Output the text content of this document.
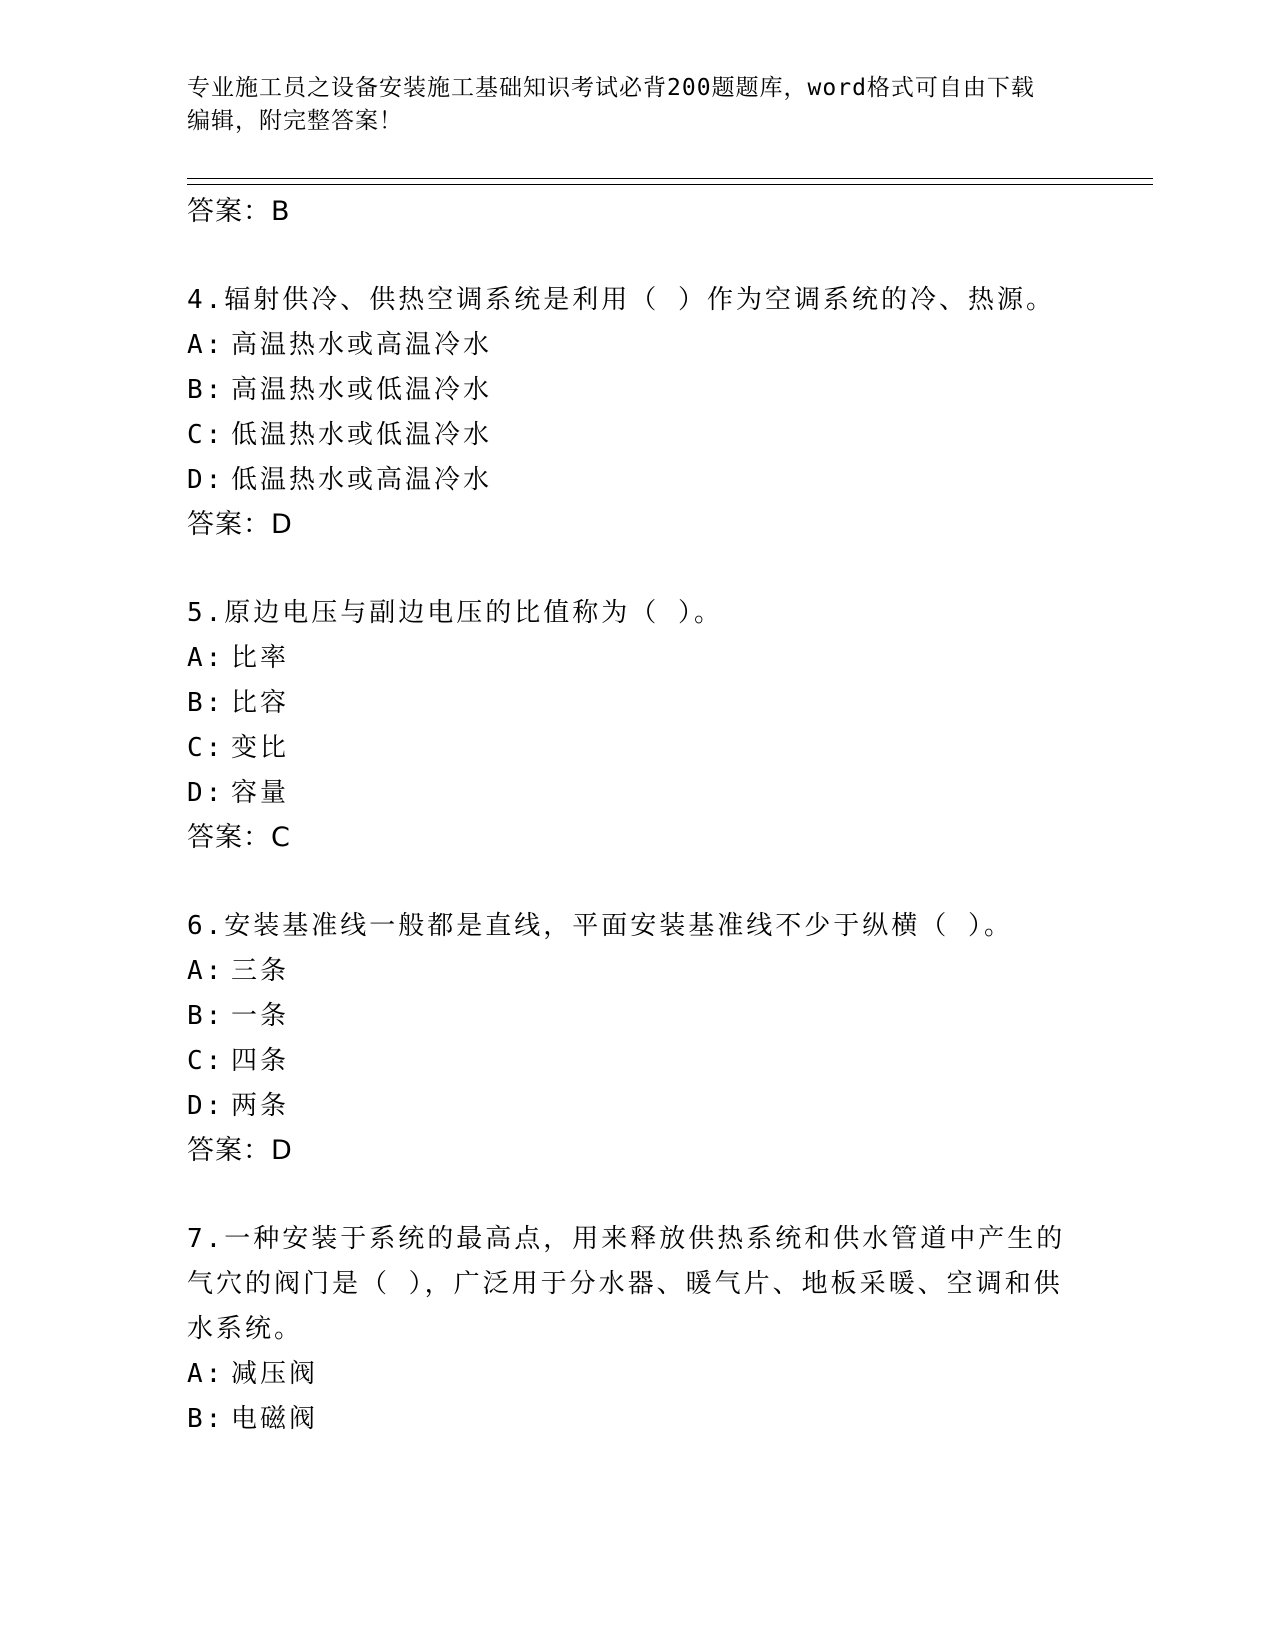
专业施工员之设备安装施工基础知识考试必背200题题库，word格式可自由下载
编辑，附完整答案！
答案：B
4.辐射供冷、供热空调系统是利用（ ）作为空调系统的冷、热源。
A: 高温热水或高温冷水
B: 高温热水或低温冷水
C: 低温热水或低温冷水
D: 低温热水或高温冷水
答案：D
5.原边电压与副边电压的比值称为（ ）。
A: 比率
B: 比容
C: 变比
D: 容量
答案：C
6.安装基准线一般都是直线，平面安装基准线不少于纵横（ ）。
A: 三条
B: 一条
C: 四条
D: 两条
答案：D
7.一种安装于系统的最高点，用来释放供热系统和供水管道中产生的气穴的阀门是（ ），广泛用于分水器、暖气片、地板采暖、空调和供水系统。
A: 减压阀
B: 电磁阀
